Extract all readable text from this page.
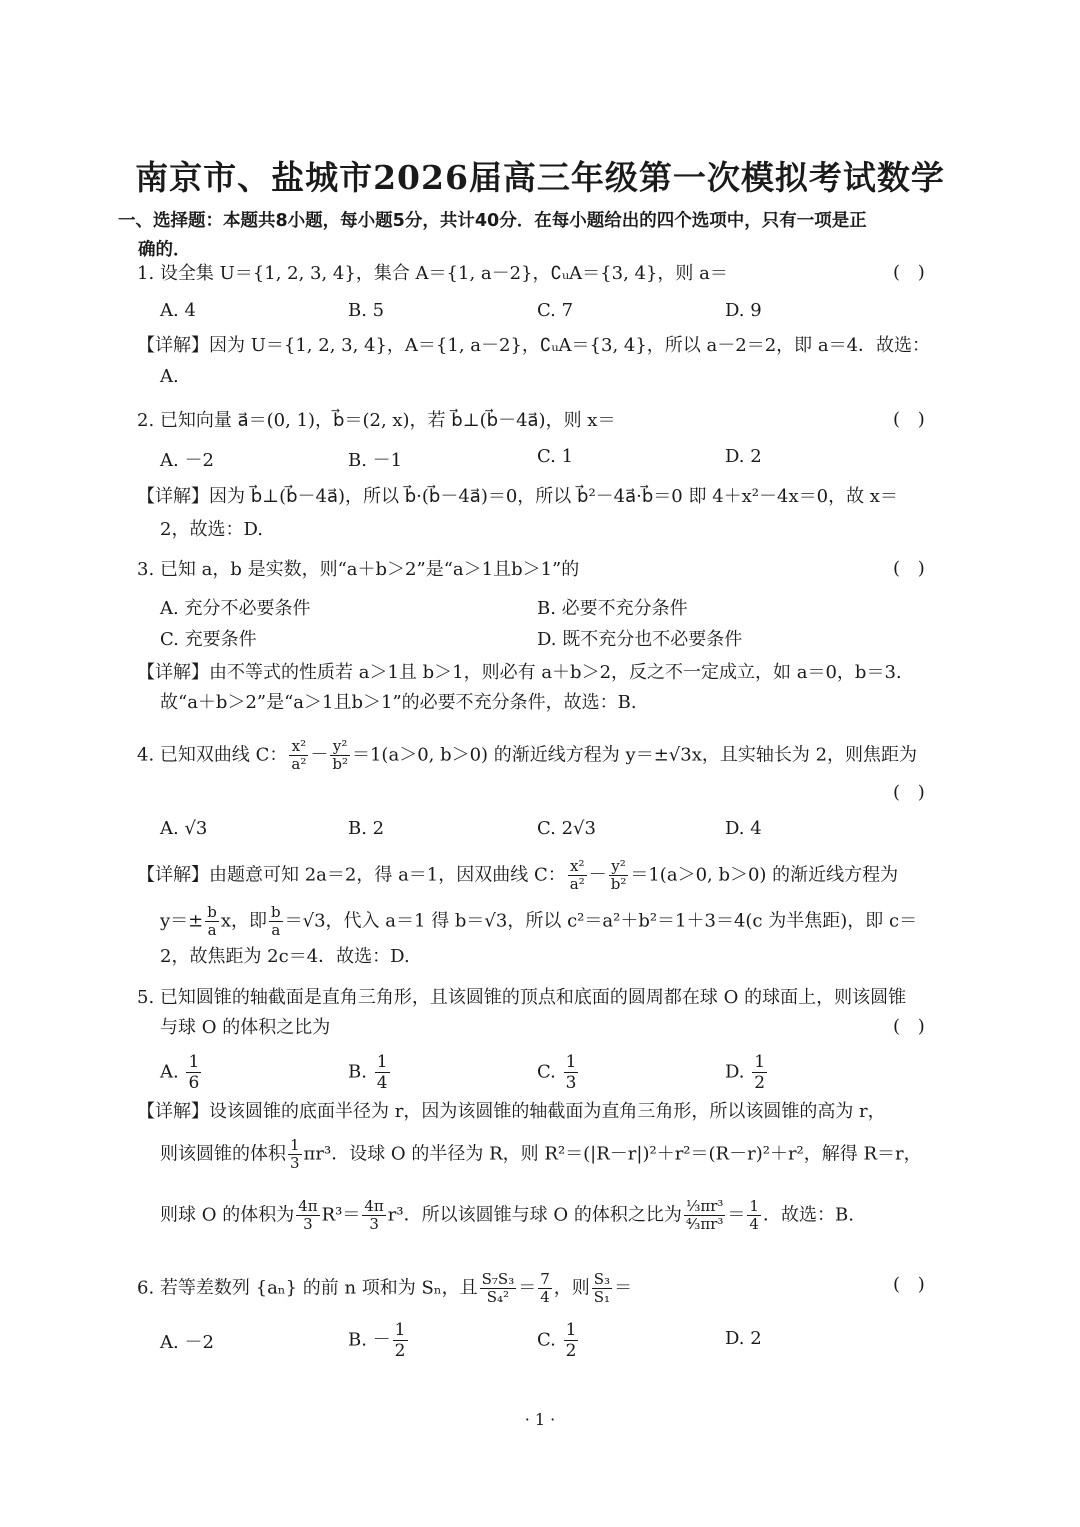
南京市、盐城市2026届高三年级第一次模拟考试数学
一、选择题：本题共8小题，每小题5分，共计40分．在每小题给出的四个选项中，只有一项是正
确的．
1. 设全集 U＝{1, 2, 3, 4}，集合 A＝{1, a－2}，∁ᵤA＝{3, 4}，则 a＝	( )
A. 4	B. 5	C. 7	D. 9
【详解】因为 U＝{1, 2, 3, 4}，A＝{1, a－2}，∁ᵤA＝{3, 4}，所以 a－2＝2，即 a＝4．故选：
A.
2. 已知向量 a⃗＝(0, 1)，b⃗＝(2, x)，若 b⃗⊥(b⃗－4a⃗)，则 x＝	( )
A. －2	B. －1	C. 1	D. 2
【详解】因为 b⃗⊥(b⃗－4a⃗)，所以 b⃗·(b⃗－4a⃗)＝0，所以 b⃗²－4a⃗·b⃗＝0 即 4＋x²－4x＝0，故 x＝
2，故选：D.
3. 已知 a，b 是实数，则“a＋b＞2”是“a＞1且b＞1”的	( )
A. 充分不必要条件	B. 必要不充分条件
C. 充要条件	D. 既不充分也不必要条件
【详解】由不等式的性质若 a＞1且 b＞1，则必有 a＋b＞2，反之不一定成立，如 a＝0，b＝3.
故“a＋b＞2”是“a＞1且b＞1”的必要不充分条件，故选：B.
4. 已知双曲线 C： $\frac{\text{x²}}{\text{a²}} - \frac{\text{y²}}{\text{b²}} =1(a>0$, b＞0) 的渐近线方程为 y＝±√3x，且实轴长为 2，则焦距为
( )
A. √3	B. 2	C. 2√3	D. 4
【详解】由题意可知 2a＝2，得 a＝1，因双曲线 C： $\frac{\text{x²}}{\text{a²}} - \frac{\text{y²}}{\text{b²}} =1(a>0$, b＞0) 的渐近线方程为
$y=\pm \frac{b}{a}$ x，即 $\frac{b}{a} =√3$，代入 a＝1 得 b＝√3，所以 c²＝a²＋b²＝1＋3＝4(c 为半焦距)，即 c＝
2，故焦距为 2c＝4．故选：D.
5. 已知圆锥的轴截面是直角三角形，且该圆锥的顶点和底面的圆周都在球 O 的球面上，则该圆锥
与球 O 的体积之比为	( )
A. $\frac{1}{6}$	B. $\frac{1}{4}$	C. $\frac{1}{3}$	D. $\frac{1}{2}$
【详解】设该圆锥的底面半径为 r，因为该圆锥的轴截面为直角三角形，所以该圆锥的高为 r，
则该圆锥的体积 $\frac{1}{3} \pi r^3$．设球 O 的半径为 R，则 R²＝(|R－r|)²＋r²＝(R－r)²＋r²，解得 R＝r，
则球 O 的体积为 $\frac{4\pi}{3} R^3= \frac{4\pi}{3} r^3$．所以该圆锥与球 O 的体积之比为 $\frac{\text{⅓πr³}}{\text{⁴⁄₃πr³}} = \frac{1}{4}$ ．故选：B.
6. 若等差数列 {aₙ} 的前 n 项和为 Sₙ，且 $\frac{\text{S₇S₃}}{\text{S₄²}} = \frac{7}{4}$ ，则 $\frac{\text{S₃}}{\text{S₁}}$ ＝	( )
A. －2	B. － $\frac{1}{2}$	C. $\frac{1}{2}$	D. 2
· 1 ·
